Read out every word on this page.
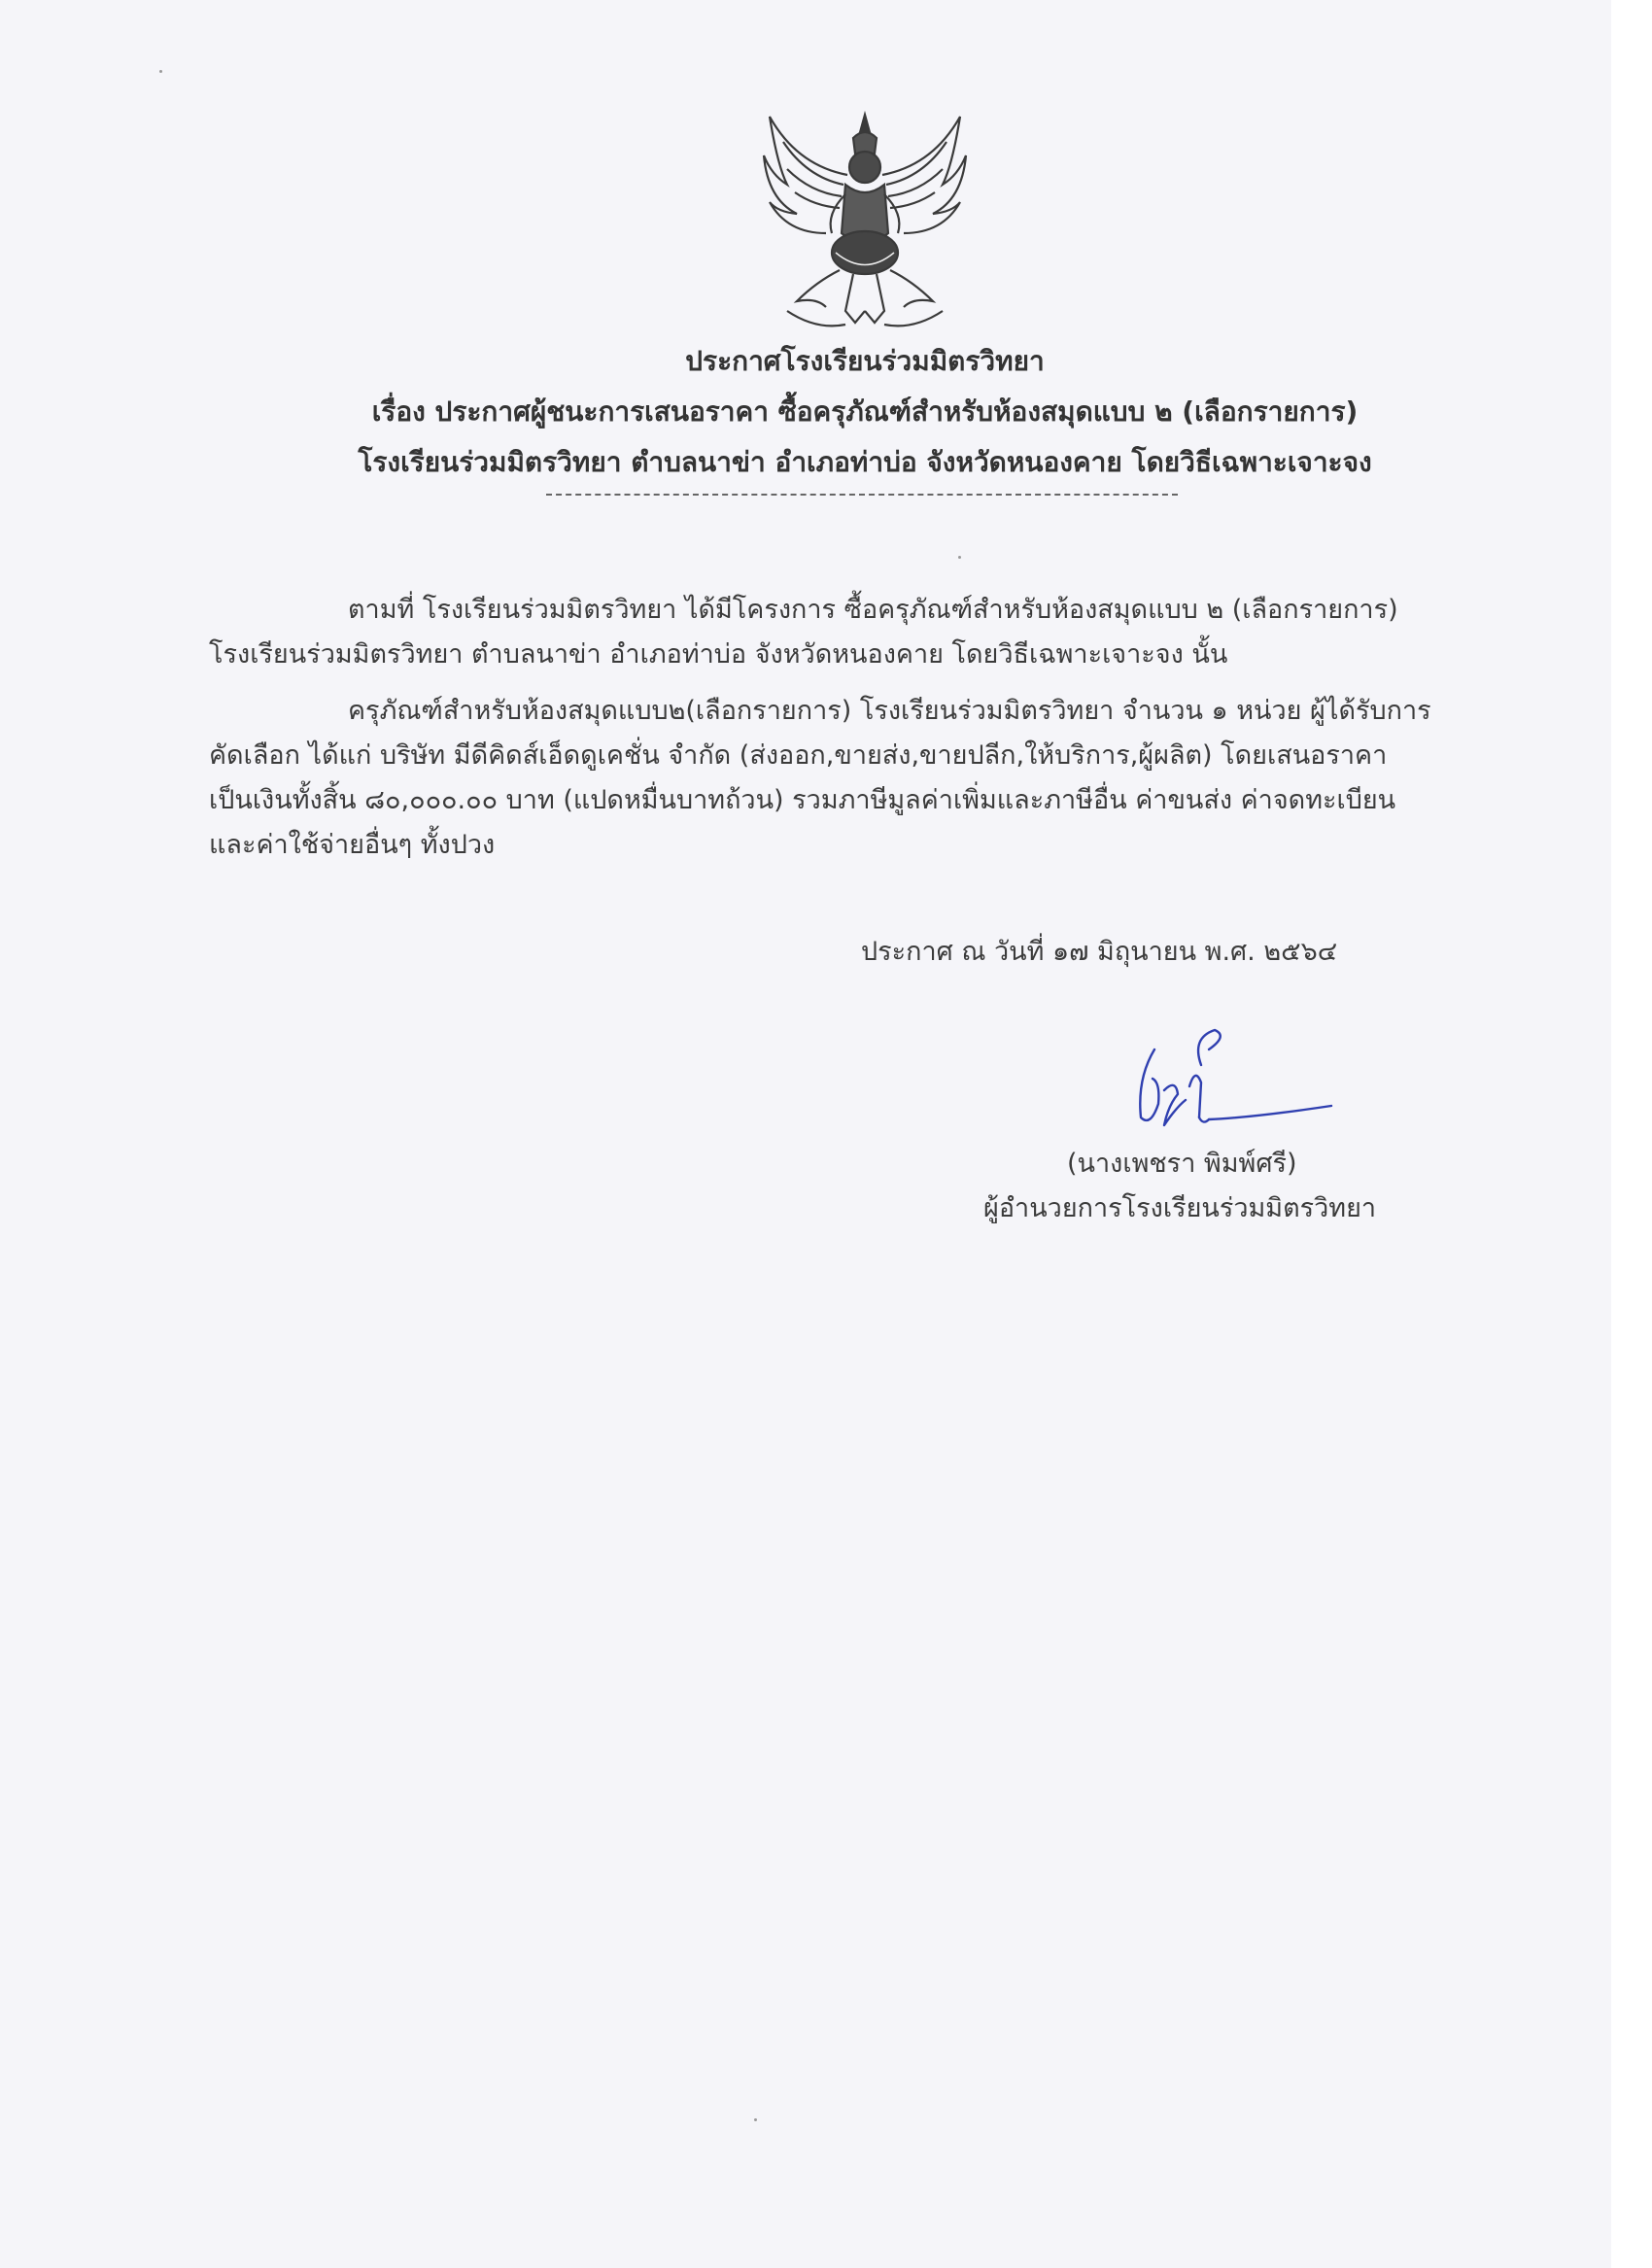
ประกาศโรงเรียนร่วมมิตรวิทยา
เรื่อง ประกาศผู้ชนะการเสนอราคา ซื้อครุภัณฑ์สำหรับห้องสมุดแบบ ๒ (เลือกรายการ)
โรงเรียนร่วมมิตรวิทยา ตำบลนาข่า อำเภอท่าบ่อ จังหวัดหนองคาย โดยวิธีเฉพาะเจาะจง
ตามที่ โรงเรียนร่วมมิตรวิทยา ได้มีโครงการ ซื้อครุภัณฑ์สำหรับห้องสมุดแบบ ๒ (เลือกรายการ)
โรงเรียนร่วมมิตรวิทยา ตำบลนาข่า อำเภอท่าบ่อ จังหวัดหนองคาย โดยวิธีเฉพาะเจาะจง นั้น
ครุภัณฑ์สำหรับห้องสมุดแบบ๒(เลือกรายการ) โรงเรียนร่วมมิตรวิทยา จำนวน ๑ หน่วย ผู้ได้รับการ
คัดเลือก ได้แก่ บริษัท มีดีคิดส์เอ็ดดูเคชั่น จำกัด (ส่งออก,ขายส่ง,ขายปลีก,ให้บริการ,ผู้ผลิต) โดยเสนอราคา
เป็นเงินทั้งสิ้น ๘๐,๐๐๐.๐๐ บาท (แปดหมื่นบาทถ้วน) รวมภาษีมูลค่าเพิ่มและภาษีอื่น ค่าขนส่ง ค่าจดทะเบียน
และค่าใช้จ่ายอื่นๆ ทั้งปวง
ประกาศ ณ วันที่ ๑๗ มิถุนายน พ.ศ. ๒๕๖๔
(นางเพชรา พิมพ์ศรี)
ผู้อำนวยการโรงเรียนร่วมมิตรวิทยา
